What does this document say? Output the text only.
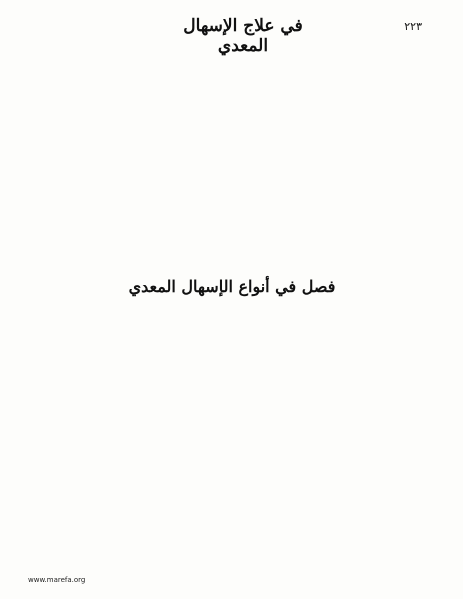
في علاج الإسهال المعدي
٢٢٣
فصل في أنواع الإسهال المعدي
www.marefa.org
